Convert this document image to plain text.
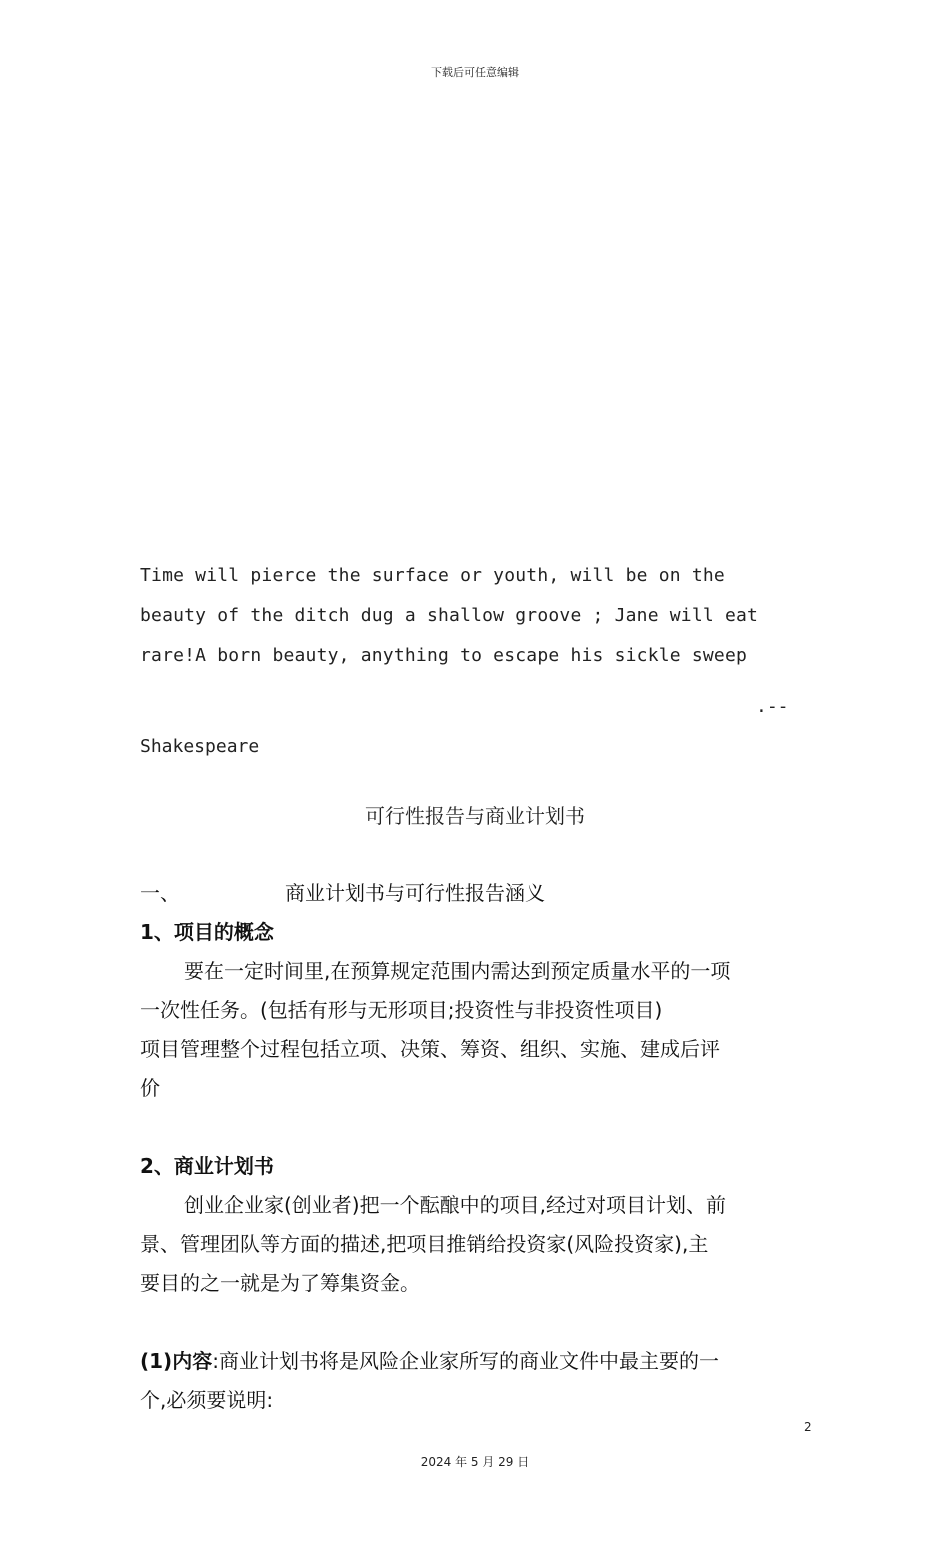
下载后可任意编辑
Time will pierce the surface or youth, will be on the
beauty of the ditch dug a shallow groove ; Jane will eat
rare!A born beauty, anything to escape his sickle sweep
.--
Shakespeare
可行性报告与商业计划书
一、	商业计划书与可行性报告涵义
1、项目的概念
要在一定时间里,在预算规定范围内需达到预定质量水平的一项
一次性任务。(包括有形与无形项目;投资性与非投资性项目)
项目管理整个过程包括立项、决策、筹资、组织、实施、建成后评
价

2、商业计划书
创业企业家(创业者)把一个酝酿中的项目,经过对项目计划、前
景、管理团队等方面的描述,把项目推销给投资家(风险投资家),主
要目的之一就是为了筹集资金。

(1)内容:商业计划书将是风险企业家所写的商业文件中最主要的一
个,必须要说明:
2
2024 年 5 月 29 日
